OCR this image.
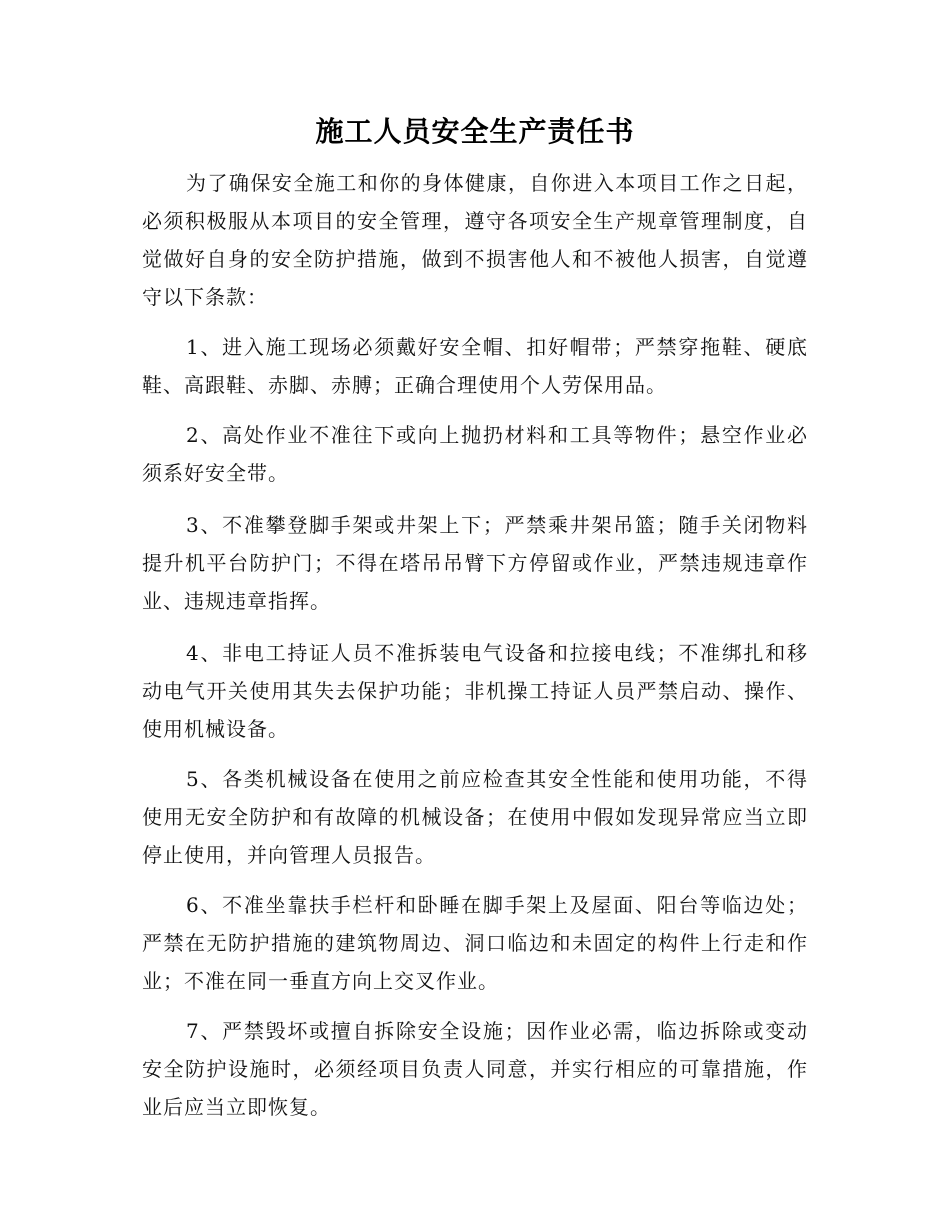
施工人员安全生产责任书

为了确保安全施工和你的身体健康，自你进入本项目工作之日起，必须积极服从本项目的安全管理，遵守各项安全生产规章管理制度，自觉做好自身的安全防护措施，做到不损害他人和不被他人损害，自觉遵守以下条款：

1、进入施工现场必须戴好安全帽、扣好帽带；严禁穿拖鞋、硬底鞋、高跟鞋、赤脚、赤膊；正确合理使用个人劳保用品。

2、高处作业不准往下或向上抛扔材料和工具等物件；悬空作业必须系好安全带。

3、不准攀登脚手架或井架上下；严禁乘井架吊篮；随手关闭物料提升机平台防护门；不得在塔吊吊臂下方停留或作业，严禁违规违章作业、违规违章指挥。

4、非电工持证人员不准拆装电气设备和拉接电线；不准绑扎和移动电气开关使用其失去保护功能；非机操工持证人员严禁启动、操作、使用机械设备。

5、各类机械设备在使用之前应检查其安全性能和使用功能，不得使用无安全防护和有故障的机械设备；在使用中假如发现异常应当立即停止使用，并向管理人员报告。

6、不准坐靠扶手栏杆和卧睡在脚手架上及屋面、阳台等临边处；严禁在无防护措施的建筑物周边、洞口临边和未固定的构件上行走和作业；不准在同一垂直方向上交叉作业。

7、严禁毁坏或擅自拆除安全设施；因作业必需，临边拆除或变动安全防护设施时，必须经项目负责人同意，并实行相应的可靠措施，作业后应当立即恢复。
